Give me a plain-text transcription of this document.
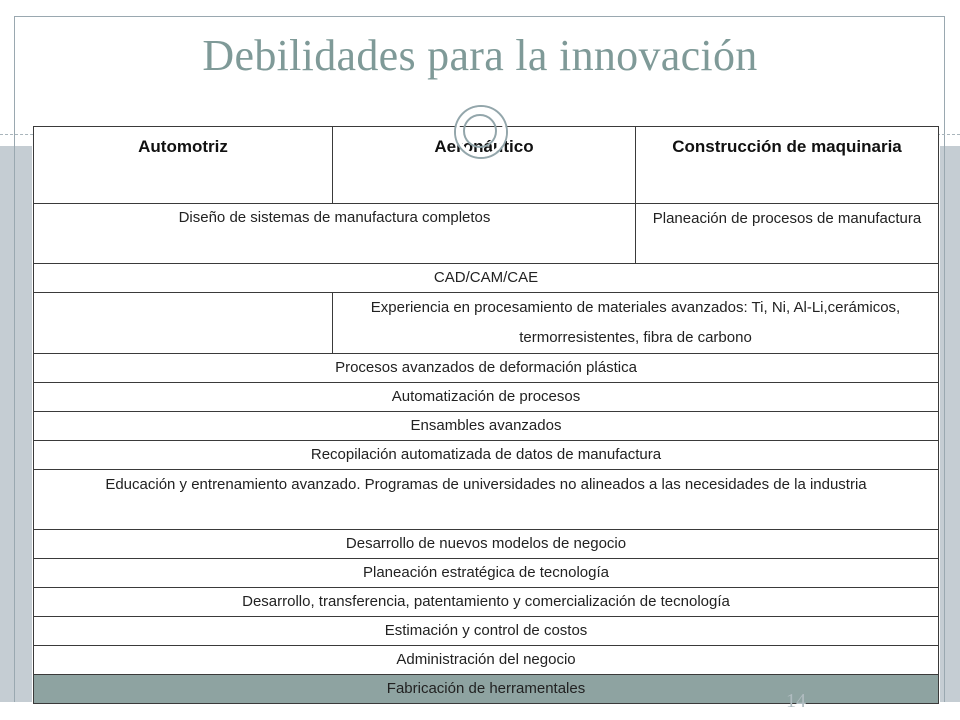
Debilidades para la innovación
Automotriz	Aeronáutico	Construcción de maquinaria
Diseño de sistemas de manufactura completos		Planeación de procesos de manufactura
CAD/CAM/CAE		
	Experiencia en procesamiento de materiales avanzados: Ti, Ni, Al-Li,cerámicos, termorresistentes, fibra de carbono	
Procesos avanzados de deformación plástica		
Automatización de procesos		
Ensambles avanzados		
Recopilación automatizada de datos de manufactura		
Educación y entrenamiento avanzado. Programas de universidades no alineados a las necesidades de la industria		
Desarrollo de nuevos modelos de negocio		
Planeación estratégica de tecnología		
Desarrollo, transferencia, patentamiento y comercialización de tecnología		
Estimación y control de costos		
Administración del negocio		
Fabricación de herramentales		
14
